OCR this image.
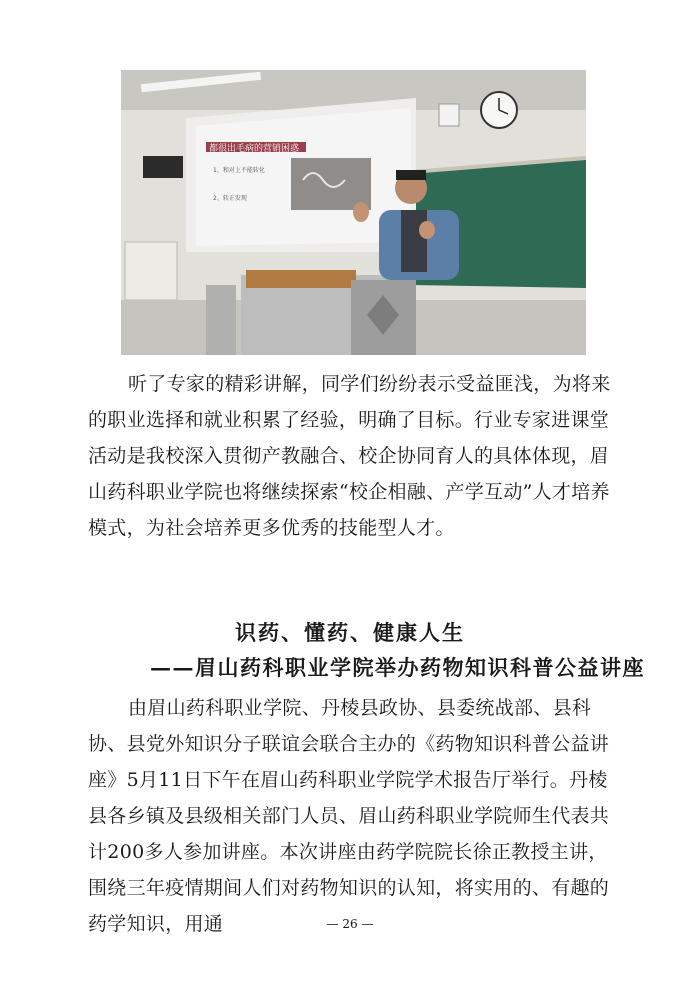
都很出毛病的营销困惑
1、和对上不能转化
2、转正发现

听了专家的精彩讲解，同学们纷纷表示受益匪浅，为将来的职业选择和就业积累了经验，明确了目标。行业专家进课堂活动是我校深入贯彻产教融合、校企协同育人的具体体现，眉山药科职业学院也将继续探索“校企相融、产学互动”人才培养模式，为社会培养更多优秀的技能型人才。

识药、懂药、健康人生
——眉山药科职业学院举办药物知识科普公益讲座

由眉山药科职业学院、丹棱县政协、县委统战部、县科协、县党外知识分子联谊会联合主办的《药物知识科普公益讲座》5月11日下午在眉山药科职业学院学术报告厅举行。丹棱县各乡镇及县级相关部门人员、眉山药科职业学院师生代表共计200多人参加讲座。本次讲座由药学院院长徐正教授主讲，围绕三年疫情期间人们对药物知识的认知，将实用的、有趣的药学知识，用通	— 26 —
